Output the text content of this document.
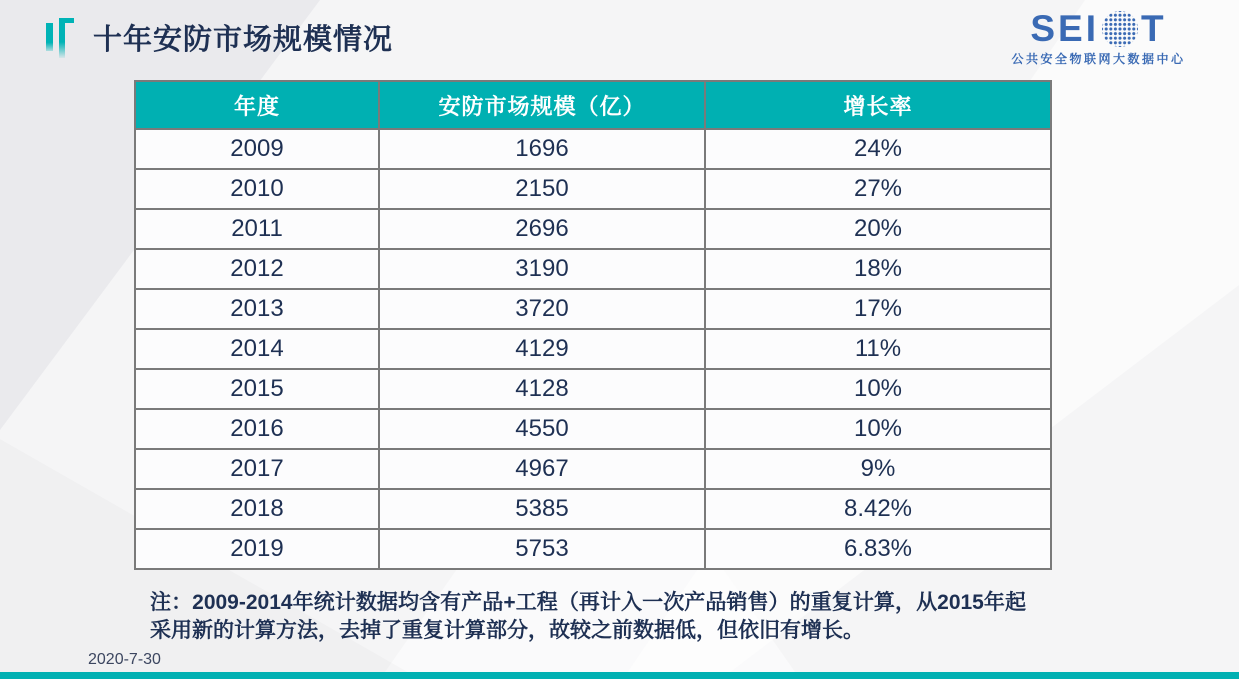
十年安防市场规模情况	SEI T
公共安全物联网大数据中心
年度	安防市场规模（亿）	增长率
2009	1696	24%
2010	2150	27%
2011	2696	20%
2012	3190	18%
2013	3720	17%
2014	4129	11%
2015	4128	10%
2016	4550	10%
2017	4967	9%
2018	5385	8.42%
2019	5753	6.83%
注：2009-2014年统计数据均含有产品+工程（再计入一次产品销售）的重复计算，从2015年起采用新的计算方法，去掉了重复计算部分，故较之前数据低，但依旧有增长。
2020-7-30
